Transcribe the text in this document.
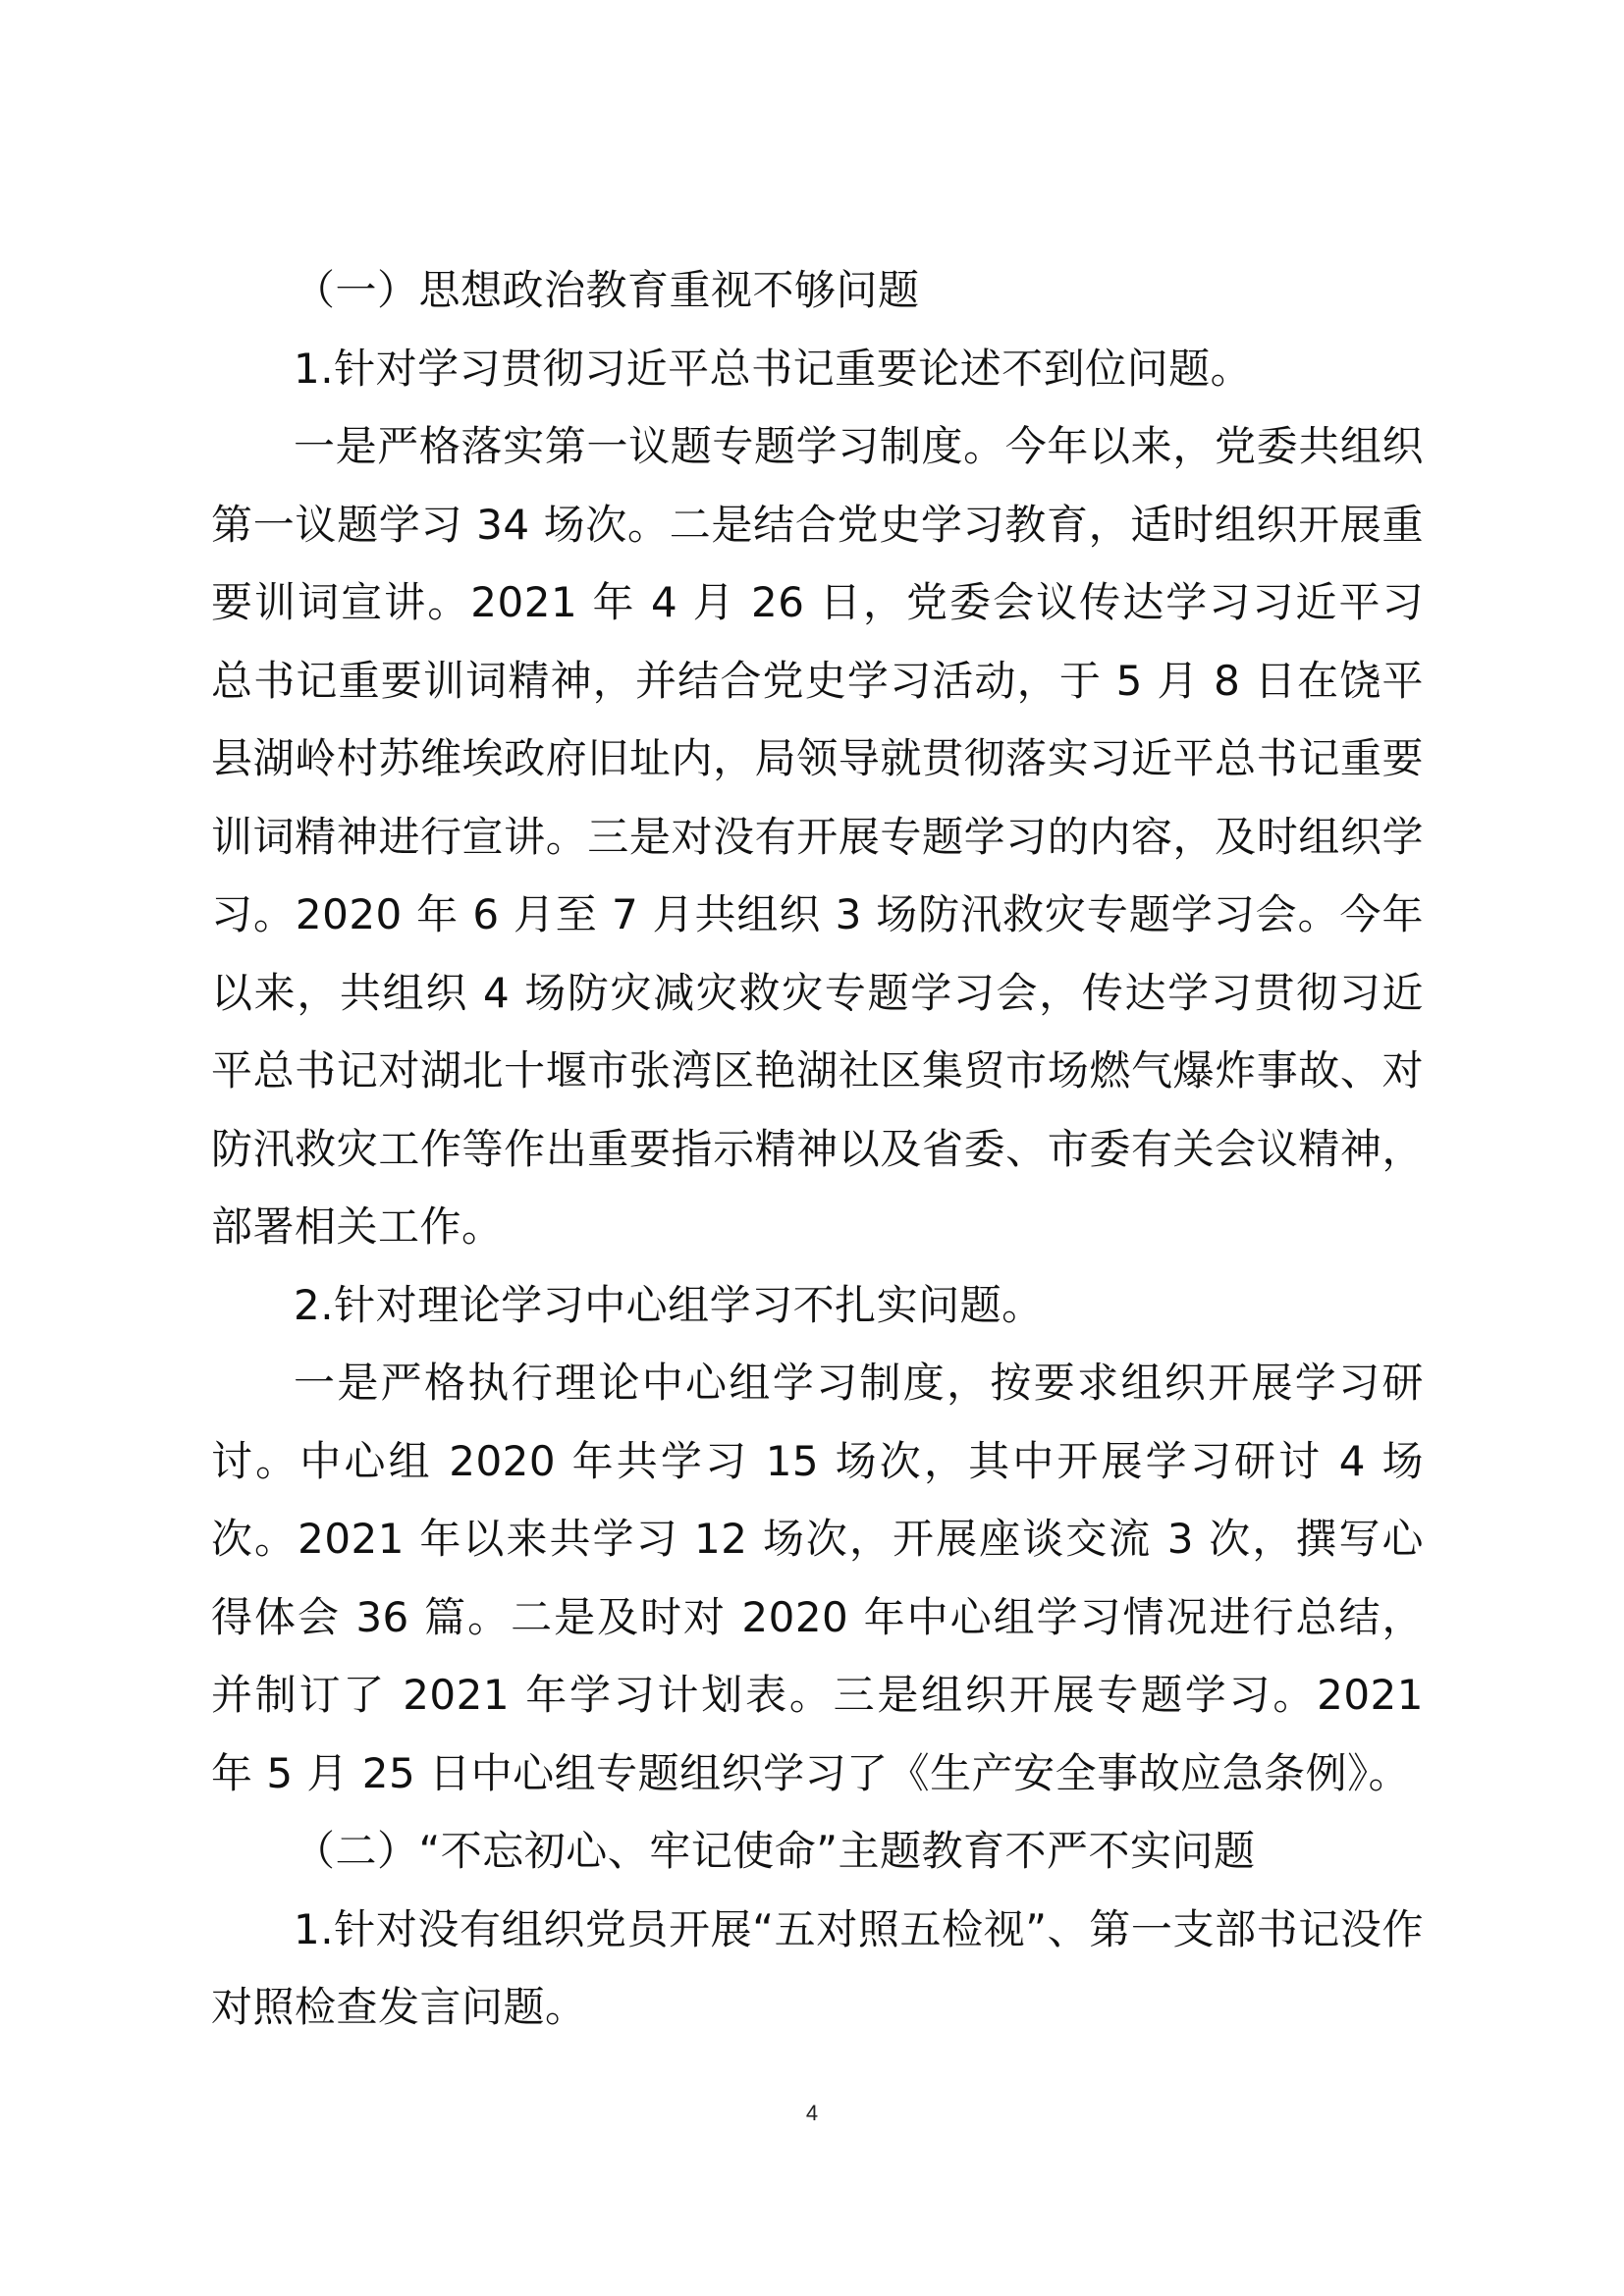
（一）思想政治教育重视不够问题

1.针对学习贯彻习近平总书记重要论述不到位问题。

一是严格落实第一议题专题学习制度。今年以来，党委共组织第一议题学习 34 场次。二是结合党史学习教育，适时组织开展重要训词宣讲。2021 年 4 月 26 日，党委会议传达学习习近平习总书记重要训词精神，并结合党史学习活动，于 5 月 8 日在饶平县湖岭村苏维埃政府旧址内，局领导就贯彻落实习近平总书记重要训词精神进行宣讲。三是对没有开展专题学习的内容，及时组织学习。2020 年 6 月至 7 月共组织 3 场防汛救灾专题学习会。今年以来，共组织 4 场防灾减灾救灾专题学习会，传达学习贯彻习近平总书记对湖北十堰市张湾区艳湖社区集贸市场燃气爆炸事故、对防汛救灾工作等作出重要指示精神以及省委、市委有关会议精神，部署相关工作。

2.针对理论学习中心组学习不扎实问题。

一是严格执行理论中心组学习制度，按要求组织开展学习研讨。中心组 2020 年共学习 15 场次，其中开展学习研讨 4 场次。2021 年以来共学习 12 场次，开展座谈交流 3 次，撰写心得体会 36 篇。二是及时对 2020 年中心组学习情况进行总结，并制订了 2021 年学习计划表。三是组织开展专题学习。2021 年 5 月 25 日中心组专题组织学习了《生产安全事故应急条例》。

（二）“不忘初心、牢记使命”主题教育不严不实问题

1.针对没有组织党员开展“五对照五检视”、第一支部书记没作对照检查发言问题。

4
